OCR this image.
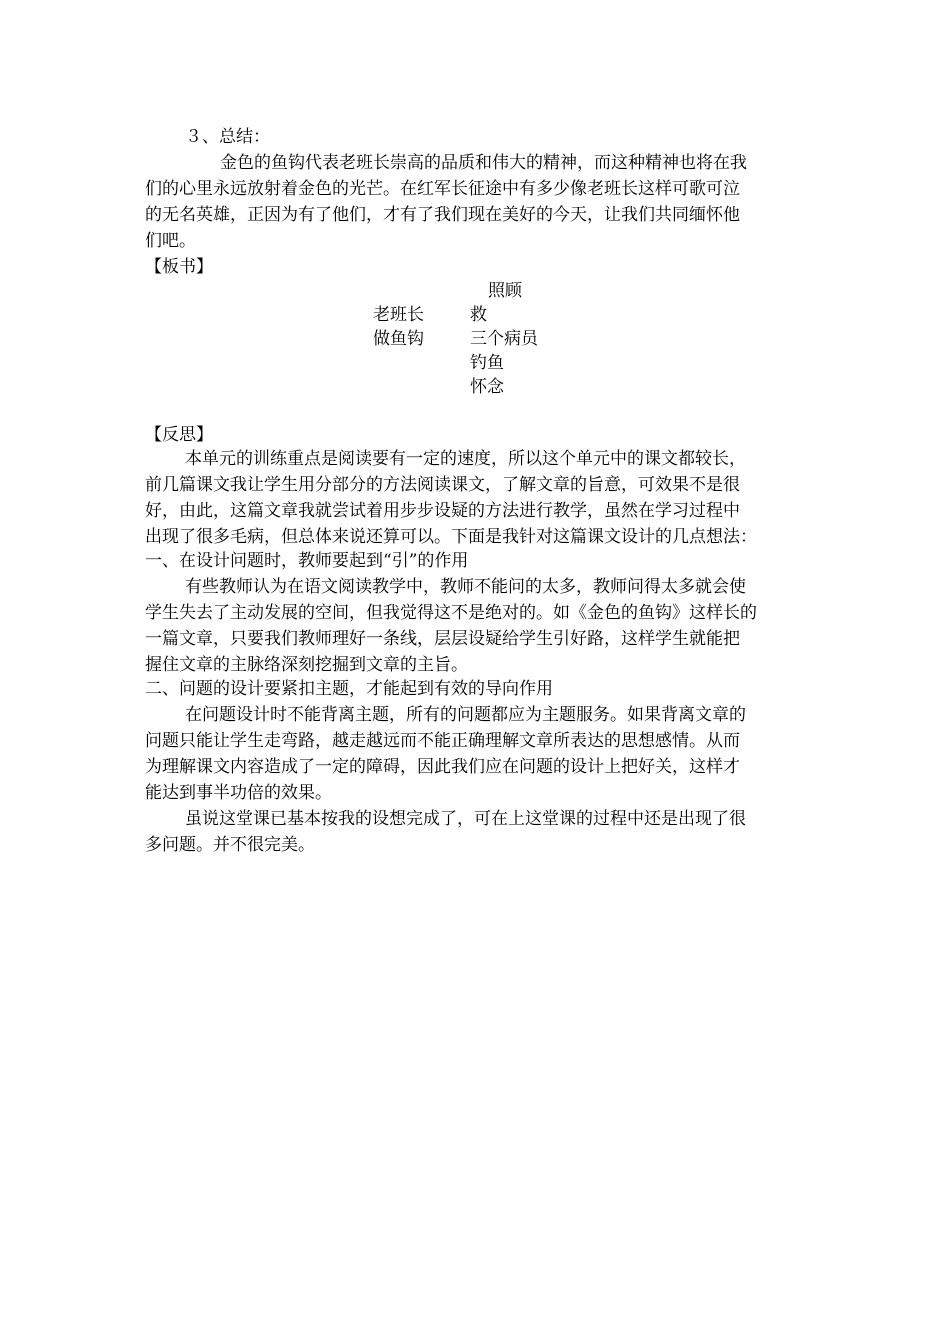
３、总结：
金色的鱼钩代表老班长崇高的品质和伟大的精神，而这种精神也将在我
们的心里永远放射着金色的光芒。在红军长征途中有多少像老班长这样可歌可泣
的无名英雄，正因为有了他们，才有了我们现在美好的今天，让我们共同缅怀他
们吧。
【板书】
照顾
老班长	救
做鱼钩	三个病员
钓鱼
怀念
【反思】
本单元的训练重点是阅读要有一定的速度，所以这个单元中的课文都较长，
前几篇课文我让学生用分部分的方法阅读课文，了解文章的旨意，可效果不是很
好，由此，这篇文章我就尝试着用步步设疑的方法进行教学，虽然在学习过程中
出现了很多毛病，但总体来说还算可以。下面是我针对这篇课文设计的几点想法：
一、在设计问题时，教师要起到“引”的作用
有些教师认为在语文阅读教学中，教师不能问的太多，教师问得太多就会使
学生失去了主动发展的空间，但我觉得这不是绝对的。如《金色的鱼钩》这样长的
一篇文章，只要我们教师理好一条线，层层设疑给学生引好路，这样学生就能把
握住文章的主脉络深刻挖掘到文章的主旨。
二、问题的设计要紧扣主题，才能起到有效的导向作用
在问题设计时不能背离主题，所有的问题都应为主题服务。如果背离文章的
问题只能让学生走弯路，越走越远而不能正确理解文章所表达的思想感情。从而
为理解课文内容造成了一定的障碍，因此我们应在问题的设计上把好关，这样才
能达到事半功倍的效果。
虽说这堂课已基本按我的设想完成了，可在上这堂课的过程中还是出现了很
多问题。并不很完美。
